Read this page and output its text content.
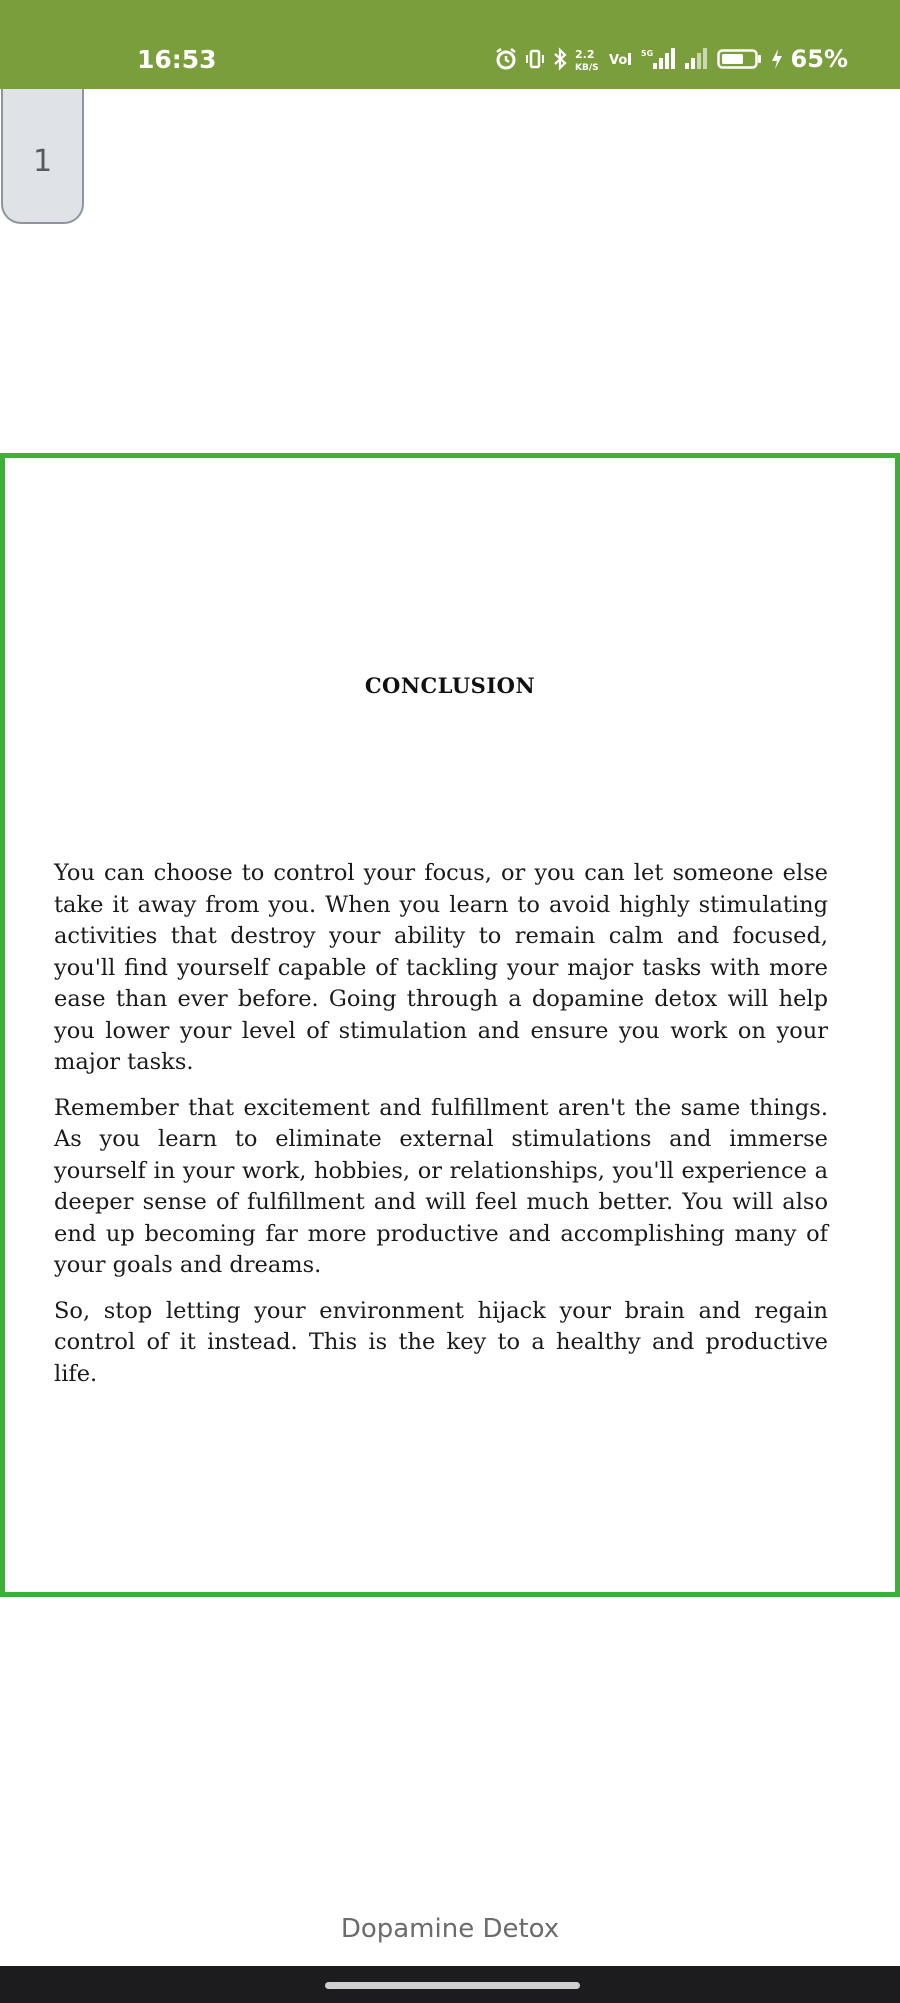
16:53	2.2
KB/S Vo 5G	65%
1
CONCLUSION

You can choose to control your focus, or you can let someone else take it away from you. When you learn to avoid highly stimulating activities that destroy your ability to remain calm and focused, you'll find yourself capable of tackling your major tasks with more ease than ever before. Going through a dopamine detox will help you lower your level of stimulation and ensure you work on your major tasks.

Remember that excitement and fulfillment aren't the same things. As you learn to eliminate external stimulations and immerse yourself in your work, hobbies, or relationships, you'll experience a deeper sense of fulfillment and will feel much better. You will also end up becoming far more productive and accomplishing many of your goals and dreams.

So, stop letting your environment hijack your brain and regain control of it instead. This is the key to a healthy and productive life.

Dopamine Detox
